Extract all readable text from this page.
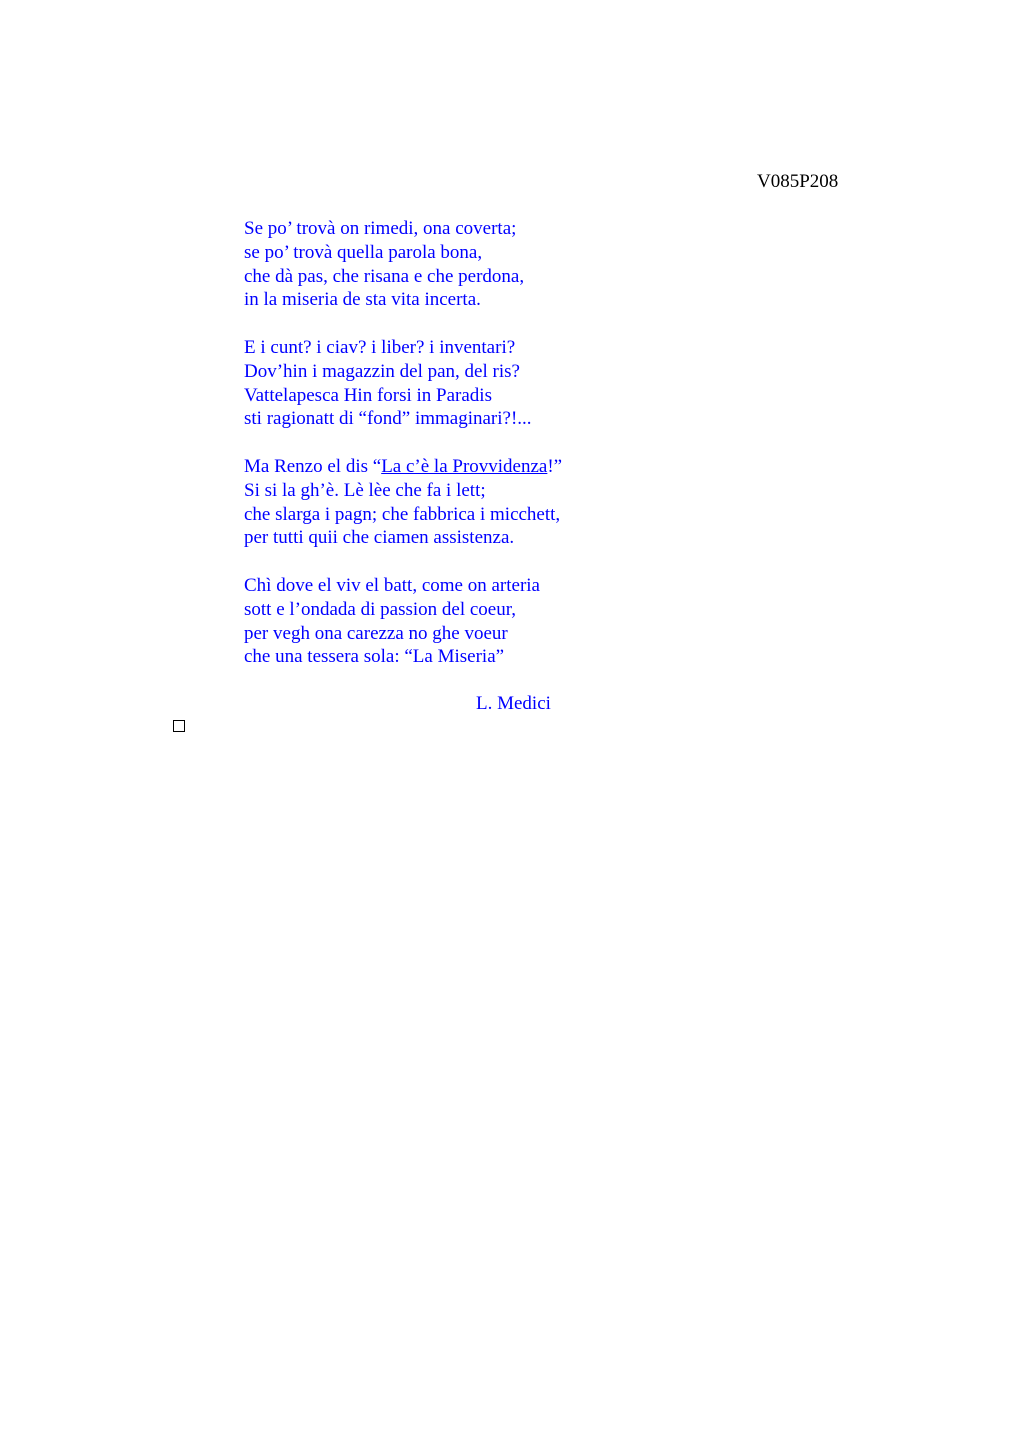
V085P208
Se po’ trovà on rimedi, ona coverta;
se po’ trovà quella parola bona,
che dà pas, che risana e che perdona,
in la miseria de sta vita incerta.
E i cunt? i ciav? i liber? i inventari?
Dov’hin i magazzin del pan, del ris?
Vattelapesca Hin forsi in Paradis
sti ragionatt di “fond” immaginari?!...
Ma Renzo el dis “La c’è la Provvidenza!”
Si si la gh’è. Lè lèe che fa i lett;
che slarga i pagn; che fabbrica i micchett,
per tutti quii che ciamen assistenza.
Chì dove el viv el batt, come on arteria
sott e l’ondada di passion del coeur,
per vegh ona carezza no ghe voeur
che una tessera sola: “La Miseria”
L. Medici
